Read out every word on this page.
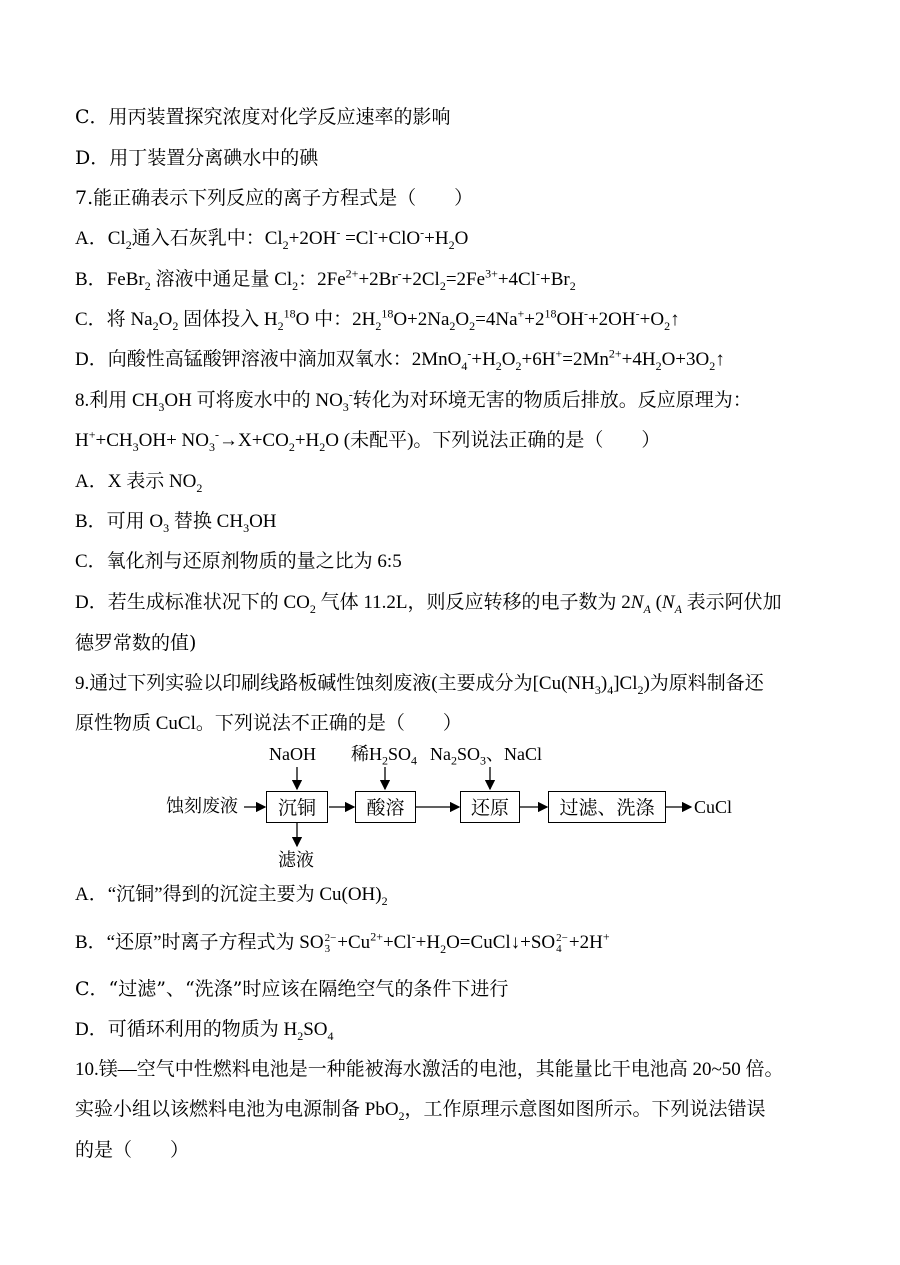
C．用丙装置探究浓度对化学反应速率的影响
D．用丁装置分离碘水中的碘
7.能正确表示下列反应的离子方程式是（　　）
A．$Cl_2$通入石灰乳中：$Cl_2+2OH^- =Cl^-+ClO^-+H_2O$
B．FeBr$_2$ 溶液中通足量 $Cl_2$：$2Fe^{2+}+2Br^-+2Cl_2=2Fe^{3+}+4Cl^-+Br_2$
C．将 $Na_2O_2$ 固体投入 $H_2^{18}O$ 中：$2H_2^{18}O+2Na_2O_2=4Na^++2^{18}OH^-+2OH^-+O_2↑$
D．向酸性高锰酸钾溶液中滴加双氧水：$2MnO_4^-+H_2O_2+6H^+=2Mn^{2+}+4H_2O+3O_2↑$
8.利用 $CH_3OH$ 可将废水中的 $NO_3^-$转化为对环境无害的物质后排放。反应原理为：
$H^++CH_3OH+ NO_3^-\to X+CO_2+H_2O$ (未配平)。下列说法正确的是（　　）
A．X 表示 $NO_2$
B．可用 $O_3$ 替换 $CH_3OH$
C．氧化剂与还原剂物质的量之比为 6:5
D．若生成标准状况下的 $CO_2$ 气体 11.2L，则反应转移的电子数为 $2N_A$ ($N_A$ 表示阿伏加
德罗常数的值)
9.通过下列实验以印刷线路板碱性蚀刻废液(主要成分为$[Cu(NH_3)_4]Cl_2$)为原料制备还
原性物质 CuCl。下列说法不正确的是（　　）
蚀刻废液	沉铜	酸溶	还原	过滤、洗涤	CuCl
NaOH 稀$H_2SO_4$ $Na_2SO_3$、NaCl
滤液
A．“沉铜”得到的沉淀主要为 $Cu(OH)_2$
B．“还原”时离子方程式为 SO 2−
$3 +Cu^{2+}+Cl^-+H_2O=CuCl↓+SO$ 2−
4 +2H+
C．“过滤”、“洗涤”时应该在隔绝空气的条件下进行
D．可循环利用的物质为 $H_2SO_4$
10.镁—空气中性燃料电池是一种能被海水激活的电池，其能量比干电池高 20~50 倍。
实验小组以该燃料电池为电源制备 PbO$_2$，工作原理示意图如图所示。下列说法错误
的是（　　）
